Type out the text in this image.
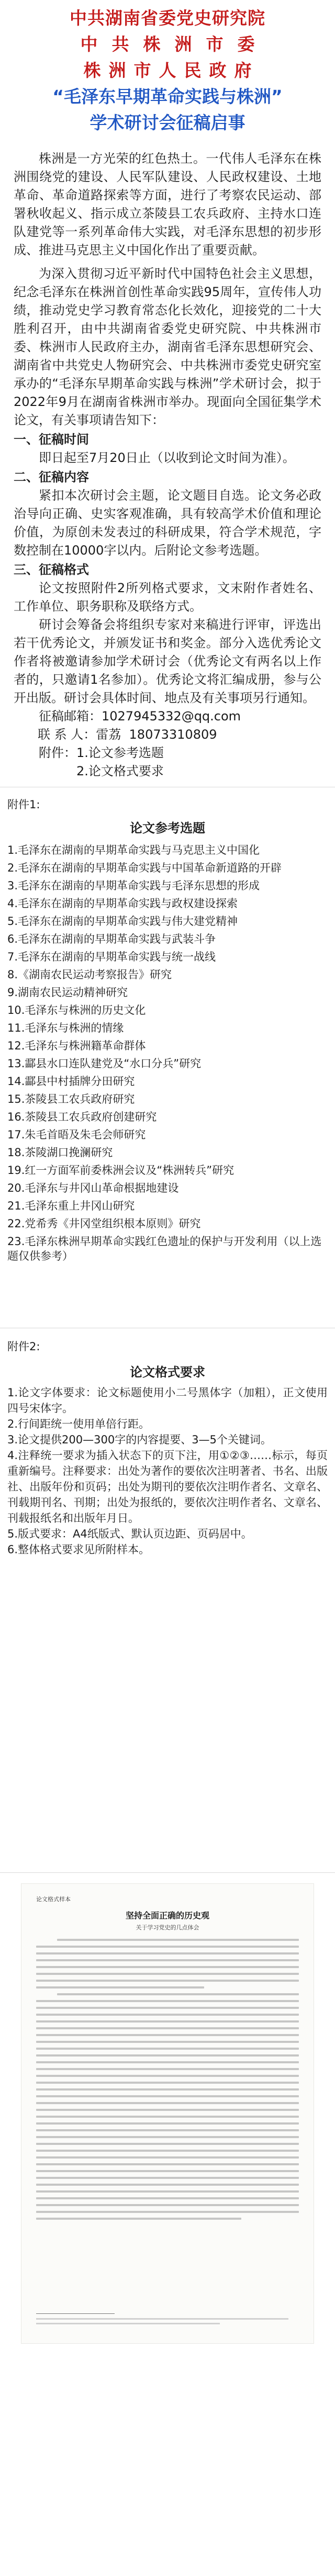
中共湖南省委党史研究院
中共株洲市委
株洲市人民政府
“毛泽东早期革命实践与株洲”
学术研讨会征稿启事

株洲是一方光荣的红色热土。一代伟人毛泽东在株洲围绕党的建设、人民军队建设、人民政权建设、土地革命、革命道路探索等方面，进行了考察农民运动、部署秋收起义、指示成立茶陵县工农兵政府、主持水口连队建党等一系列革命伟大实践，对毛泽东思想的初步形成、推进马克思主义中国化作出了重要贡献。

为深入贯彻习近平新时代中国特色社会主义思想，纪念毛泽东在株洲首创性革命实践95周年，宣传伟人功绩，推动党史学习教育常态化长效化，迎接党的二十大胜利召开，由中共湖南省委党史研究院、中共株洲市委、株洲市人民政府主办，湖南省毛泽东思想研究会、湖南省中共党史人物研究会、中共株洲市委党史研究室承办的“毛泽东早期革命实践与株洲”学术研讨会，拟于2022年9月在湖南省株洲市举办。现面向全国征集学术论文，有关事项请告知下：

一、征稿时间

即日起至7月20日止（以收到论文时间为准）。

二、征稿内容

紧扣本次研讨会主题，论文题目自选。论文务必政治导向正确、史实客观准确，具有较高学术价值和理论价值，为原创未发表过的科研成果，符合学术规范，字数控制在10000字以内。后附论文参考选题。

三、征稿格式

论文按照附件2所列格式要求，文末附作者姓名、工作单位、职务职称及联络方式。

研讨会筹备会将组织专家对来稿进行评审，评选出若干优秀论文，并颁发证书和奖金。部分入选优秀论文作者将被邀请参加学术研讨会（优秀论文有两名以上作者的，只邀请1名参加）。优秀论文将汇编成册，参与公开出版。研讨会具体时间、地点及有关事项另行通知。

征稿邮箱：1027945332@qq.com
联 系 人：雷荔 18073310809
附件：1.论文参考选题
2.论文格式要求
附件1:
论文参考选题
1.毛泽东在湖南的早期革命实践与马克思主义中国化
2.毛泽东在湖南的早期革命实践与中国革命新道路的开辟
3.毛泽东在湖南的早期革命实践与毛泽东思想的形成
4.毛泽东在湖南的早期革命实践与政权建设探索
5.毛泽东在湖南的早期革命实践与伟大建党精神
6.毛泽东在湖南的早期革命实践与武装斗争
7.毛泽东在湖南的早期革命实践与统一战线
8.《湖南农民运动考察报告》研究
9.湖南农民运动精神研究
10.毛泽东与株洲的历史文化
11.毛泽东与株洲的情缘
12.毛泽东与株洲籍革命群体
13.酃县水口连队建党及“水口分兵”研究
14.酃县中村插牌分田研究
15.茶陵县工农兵政府研究
16.茶陵县工农兵政府创建研究
17.朱毛首晤及朱毛会师研究
18.茶陵湖口挽澜研究
19.红一方面军前委株洲会议及“株洲转兵”研究
20.毛泽东与井冈山革命根据地建设
21.毛泽东重上井冈山研究
22.党希秀《井冈堂组织根本原则》研究
23.毛泽东株洲早期革命实践红色遗址的保护与开发利用（以上选题仅供参考）
附件2:
论文格式要求

1.论文字体要求：论文标题使用小二号黑体字（加粗），正文使用四号宋体字。

2.行间距统一使用单倍行距。

3.论文提供200—300字的内容提要、3—5个关键词。

4.注释统一要求为插入状态下的页下注，用①②③……标示，每页重新编号。注释要求：出处为著作的要依次注明著者、书名、出版社、出版年份和页码；出处为期刊的要依次注明作者名、文章名、刊载期刊名、刊期；出处为报纸的，要依次注明作者名、文章名、刊载报纸名和出版年月日。

5.版式要求：A4纸版式、默认页边距、页码居中。

6.整体格式要求见所附样本。

论文格式样本
坚持全面正确的历史观
关于学习党史的几点体会
